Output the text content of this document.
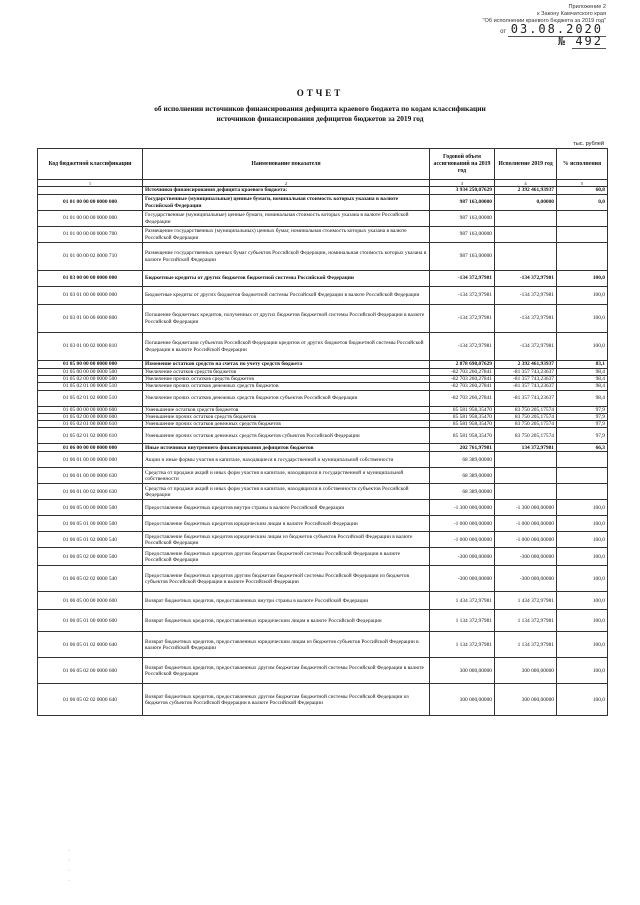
Приложение 2
к Закону Камчатского края
"Об исполнении краевого бюджета за 2019 год"
от 03.08.2020
№ 492
ОТЧЕТ
об исполнении источников финансирования дефицита краевого бюджета по кодам классификации
источников финансирования дефицитов бюджетов за 2019 год
тыс. рублей
Код бюджетной классификации	Наименование показателя	Годовой объем ассигнований на 2019 год	Исполнение 2019 год	% исполнения
1	2	3	4	5
	Источники финансирования дефицита краевого бюджета:	3 934 250,07629	2 392 461,93937	60,8
01 01 00 00 00 0000 000	Государственные (муниципальные) ценные бумаги, номинальная стоимость которых указана в валюте Российской Федерации	987 163,00000	0,00000	0,0
01 01 00 00 00 0000 000	Государственные (муниципальные) ценные бумаги, номинальная стоимость которых указана в валюте Российской Федерации	987 163,00000		
01 01 00 00 00 0000 700	Размещение государственных (муниципальных) ценных бумаг, номинальная стоимость которых указана в валюте Российской Федерации	987 163,00000		
01 01 00 00 02 0000 710	Размещение государственных ценных бумаг субъектов Российской Федерации, номинальная стоимость которых указана в валюте Российской Федерации	987 163,00000		
01 03 00 00 00 0000 000	Бюджетные кредиты от других бюджетов бюджетной системы Российской Федерации	-134 372,97981	-134 372,97981	100,0
01 03 01 00 00 0000 000	Бюджетные кредиты от других бюджетов бюджетной системы Российской Федерации в валюте Российской Федерации	-134 372,97981	-134 372,97981	100,0
01 03 01 00 00 0000 800	Погашение бюджетных кредитов, полученных от других бюджетов бюджетной системы Российской Федерации в валюте Российской Федерации	-134 372,97981	-134 372,97981	100,0
01 03 01 00 02 0000 810	Погашение бюджетами субъектов Российской Федерации кредитов от других бюджетов бюджетной системы Российской Федерации в валюте Российской Федерации	-134 372,97981	-134 372,97981	100,0
01 05 00 00 00 0000 000	Изменение остатков средств на счетах по учету средств бюджета	2 878 698,07629	2 392 461,93937	83,1
01 05 00 00 00 0000 500	Увеличение остатков средств бюджетов	-82 703 260,27841	-81 357 743,23637	98,4
01 05 02 00 00 0000 500	Увеличение прочих остатков средств бюджетов	-82 703 260,27841	-81 357 743,23637	98,4
01 05 02 01 00 0000 510	Увеличение прочих остатков денежных средств бюджетов	-82 703 260,27841	-81 357 743,23637	98,4
01 05 02 01 02 0000 510	Увеличение прочих остатков денежных средств бюджетов субъектов Российской Федерации	-82 703 260,27841	-81 357 743,23637	98,4
01 05 00 00 00 0000 600	Уменьшение остатков средств бюджетов	85 581 958,35470	83 750 205,17574	97,9
01 05 02 00 00 0000 600	Уменьшение прочих остатков средств бюджетов	85 581 958,35470	83 750 205,17574	97,9
01 05 02 01 00 0000 610	Уменьшение прочих остатков денежных средств бюджетов	85 581 958,35470	83 750 205,17574	97,9
01 05 02 01 02 0000 610	Уменьшение прочих остатков денежных средств бюджетов субъектов Российской Федерации	85 581 958,35470	83 750 205,17574	97,9
01 06 00 00 00 0000 000	Иные источники внутреннего финансирования дефицитов бюджетов	202 761,97981	134 372,97981	66,3
01 06 01 00 00 0000 000	Акции и иные формы участия в капитале, находящиеся в государственной и муниципальной собственности	68 389,00000		
01 06 01 00 00 0000 630	Средства от продажи акций и иных форм участия в капитале, находящихся в государственной и муниципальной собственности	68 389,00000		
01 06 01 00 02 0000 630	Средства от продажи акций и иных форм участия в капитале, находящихся в собственности субъектов Российской Федерации	68 389,00000		
01 06 05 00 00 0000 500	Предоставление бюджетных кредитов внутри страны в валюте Российской Федерации	-1 300 000,00000	-1 300 000,00000	100,0
01 06 05 01 00 0000 500	Предоставление бюджетных кредитов юридическим лицам в валюте Российской Федерации	-1 000 000,00000	-1 000 000,00000	100,0
01 06 05 01 02 0000 540	Предоставление бюджетных кредитов юридическим лицам из бюджетов субъектов Российской Федерации в валюте Российской Федерации	-1 000 000,00000	-1 000 000,00000	100,0
01 06 05 02 00 0000 500	Предоставление бюджетных кредитов другим бюджетам бюджетной системы Российской Федерации в валюте Российской Федерации	-300 000,00000	-300 000,00000	100,0
01 06 05 02 02 0000 540	Предоставление бюджетных кредитов другим бюджетам бюджетной системы Российской Федерации из бюджетов субъектов Российской Федерации в валюте Российской Федерации	-300 000,00000	-300 000,00000	100,0
01 06 05 00 00 0000 600	Возврат бюджетных кредитов, предоставленных внутри страны в валюте Российской Федерации	1 434 372,97981	1 434 372,97981	100,0
01 06 05 01 00 0000 600	Возврат бюджетных кредитов, предоставленных юридическим лицам в валюте Российской Федерации	1 134 372,97981	1 134 372,97981	100,0
01 06 05 01 02 0000 640	Возврат бюджетных кредитов, предоставленных юридическим лицам из бюджетов субъектов Российской Федерации в валюте Российской Федерации	1 134 372,97981	1 134 372,97981	100,0
01 06 05 02 00 0000 600	Возврат бюджетных кредитов, предоставленных другим бюджетам бюджетной системы Российской Федерации в валюте Российской Федерации	300 000,00000	300 000,00000	100,0
01 06 05 02 02 0000 640	Возврат бюджетных кредитов, предоставленных другим бюджетам бюджетной системы Российской Федерации из бюджетов субъектов Российской Федерации в валюте Российской Федерации	300 000,00000	300 000,00000	100,0
·
·
·
·
